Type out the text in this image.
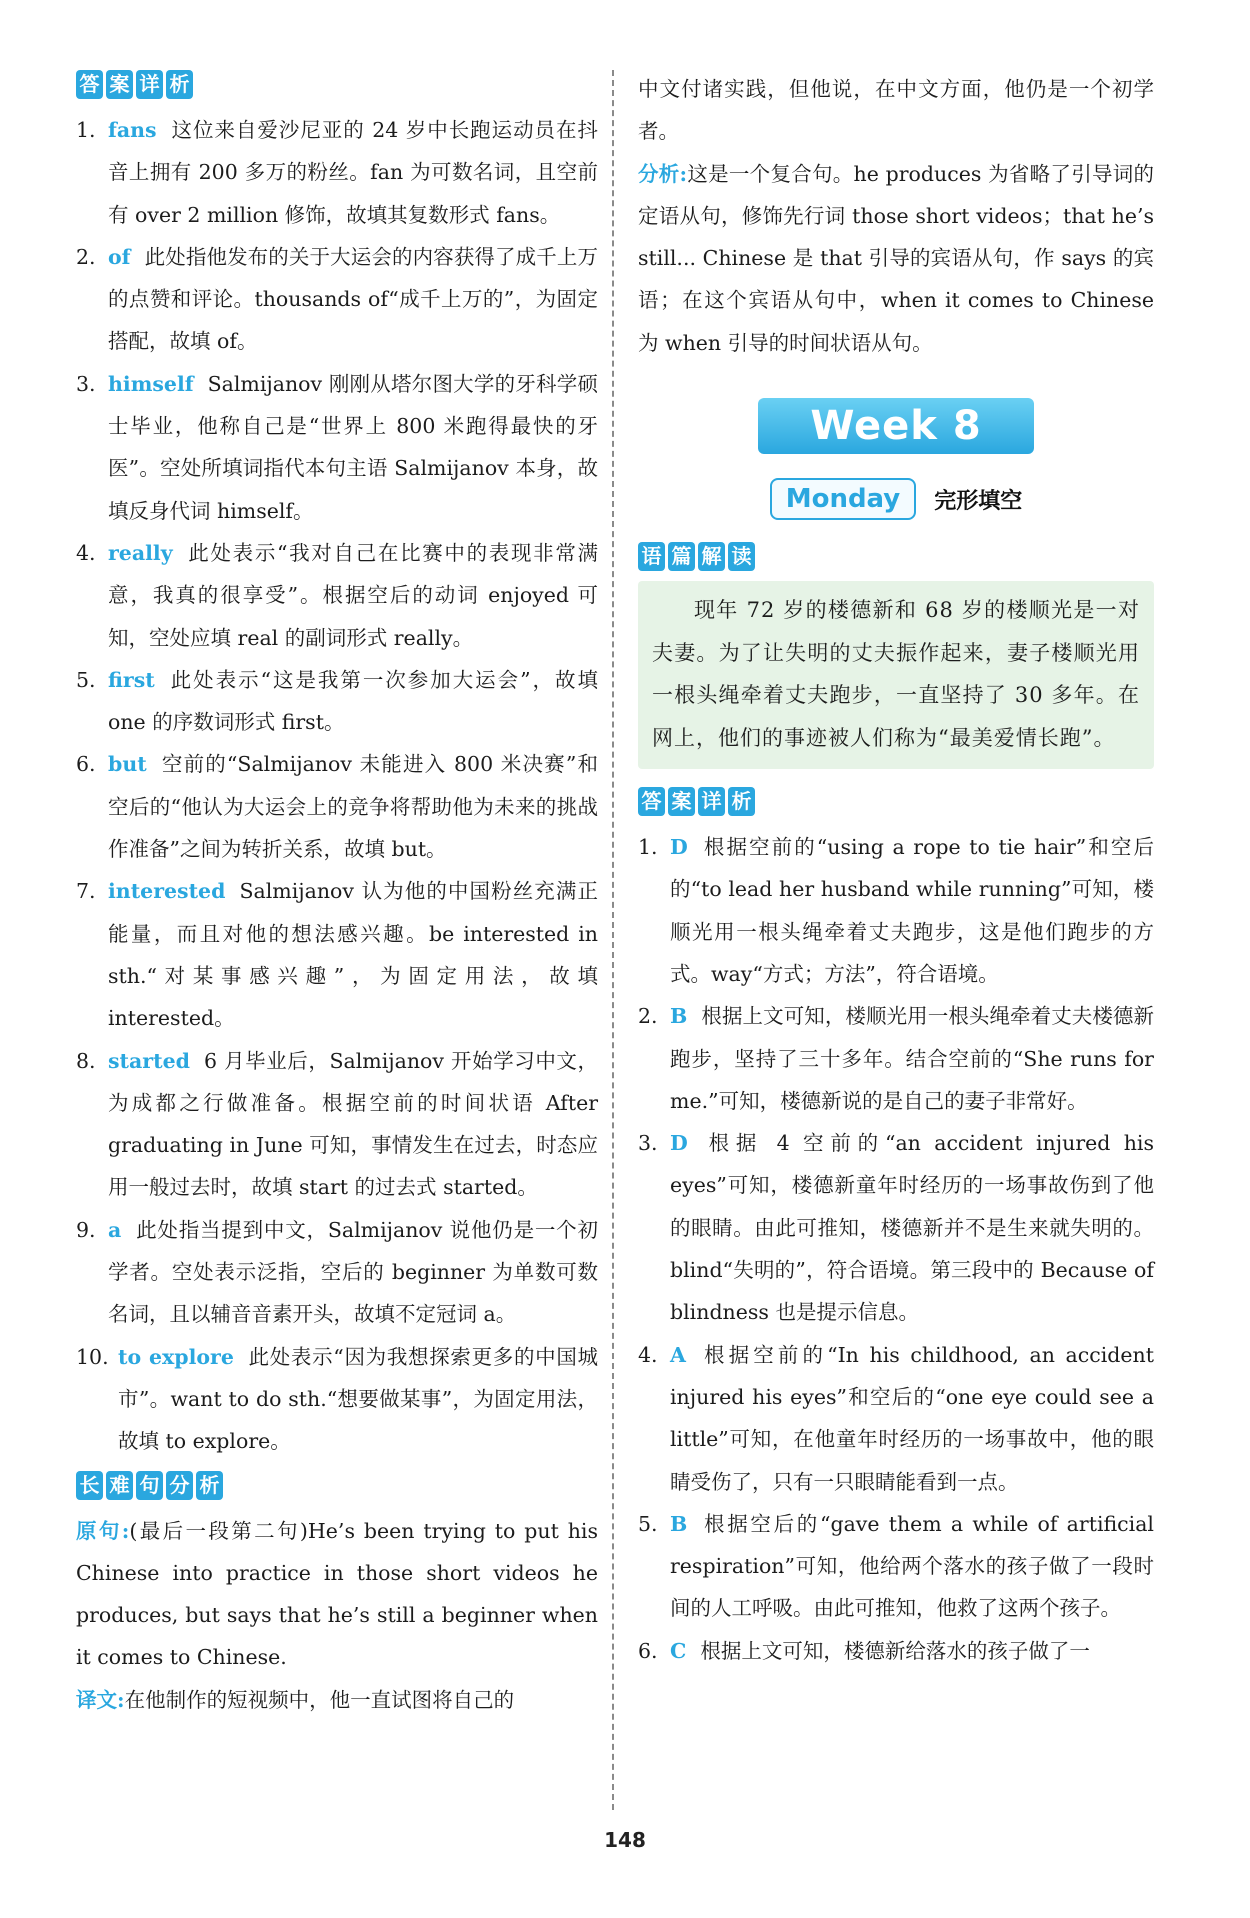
答 案 详 析
1. fans 这位来自爱沙尼亚的 24 岁中长跑运动员在抖音上拥有 200 多万的粉丝。fan 为可数名词，且空前有 over 2 million 修饰，故填其复数形式 fans。
2. of 此处指他发布的关于大运会的内容获得了成千上万的点赞和评论。thousands of“成千上万的”，为固定搭配，故填 of。
3. himself Salmijanov 刚刚从塔尔图大学的牙科学硕士毕业，他称自己是“世界上 800 米跑得最快的牙医”。空处所填词指代本句主语 Salmijanov 本身，故填反身代词 himself。
4. really 此处表示“我对自己在比赛中的表现非常满意，我真的很享受”。根据空后的动词 enjoyed 可知，空处应填 real 的副词形式 really。
5. first 此处表示“这是我第一次参加大运会”，故填 one 的序数词形式 first。
6. but 空前的“Salmijanov 未能进入 800 米决赛”和空后的“他认为大运会上的竞争将帮助他为未来的挑战作准备”之间为转折关系，故填 but。
7. interested Salmijanov 认为他的中国粉丝充满正能量，而且对他的想法感兴趣。be interested in sth.“对某事感兴趣”，为固定用法，故填 interested。
8. started 6 月毕业后，Salmijanov 开始学习中文，为成都之行做准备。根据空前的时间状语 After graduating in June 可知，事情发生在过去，时态应用一般过去时，故填 start 的过去式 started。
9. a 此处指当提到中文，Salmijanov 说他仍是一个初学者。空处表示泛指，空后的 beginner 为单数可数名词，且以辅音音素开头，故填不定冠词 a。
10. to explore 此处表示“因为我想探索更多的中国城市”。want to do sth.“想要做某事”，为固定用法，故填 to explore。
长 难 句 分 析
原句:(最后一段第二句)He’s been trying to put his Chinese into practice in those short videos he produces, but says that he’s still a beginner when it comes to Chinese.
译文:在他制作的短视频中，他一直试图将自己的
中文付诸实践，但他说，在中文方面，他仍是一个初学者。
分析:这是一个复合句。he produces 为省略了引导词的定语从句，修饰先行词 those short videos；that he’s still... Chinese 是 that 引导的宾语从句，作 says 的宾语；在这个宾语从句中，when it comes to Chinese 为 when 引导的时间状语从句。
Week 8
Monday	完形填空
语 篇 解 读
现年 72 岁的楼德新和 68 岁的楼顺光是一对夫妻。为了让失明的丈夫振作起来，妻子楼顺光用一根头绳牵着丈夫跑步，一直坚持了 30 多年。在网上，他们的事迹被人们称为“最美爱情长跑”。
答 案 详 析
1. D 根据空前的“using a rope to tie hair”和空后的“to lead her husband while running”可知，楼顺光用一根头绳牵着丈夫跑步，这是他们跑步的方式。way“方式；方法”，符合语境。
2. B 根据上文可知，楼顺光用一根头绳牵着丈夫楼德新跑步，坚持了三十多年。结合空前的“She runs for me.”可知，楼德新说的是自己的妻子非常好。
3. D 根据 4 空前的“an accident injured his eyes”可知，楼德新童年时经历的一场事故伤到了他的眼睛。由此可推知，楼德新并不是生来就失明的。blind“失明的”，符合语境。第三段中的 Because of blindness 也是提示信息。
4. A 根据空前的“In his childhood, an accident injured his eyes”和空后的“one eye could see a little”可知，在他童年时经历的一场事故中，他的眼睛受伤了，只有一只眼睛能看到一点。
5. B 根据空后的“gave them a while of artificial respiration”可知，他给两个落水的孩子做了一段时间的人工呼吸。由此可推知，他救了这两个孩子。
6. C 根据上文可知，楼德新给落水的孩子做了一
148
